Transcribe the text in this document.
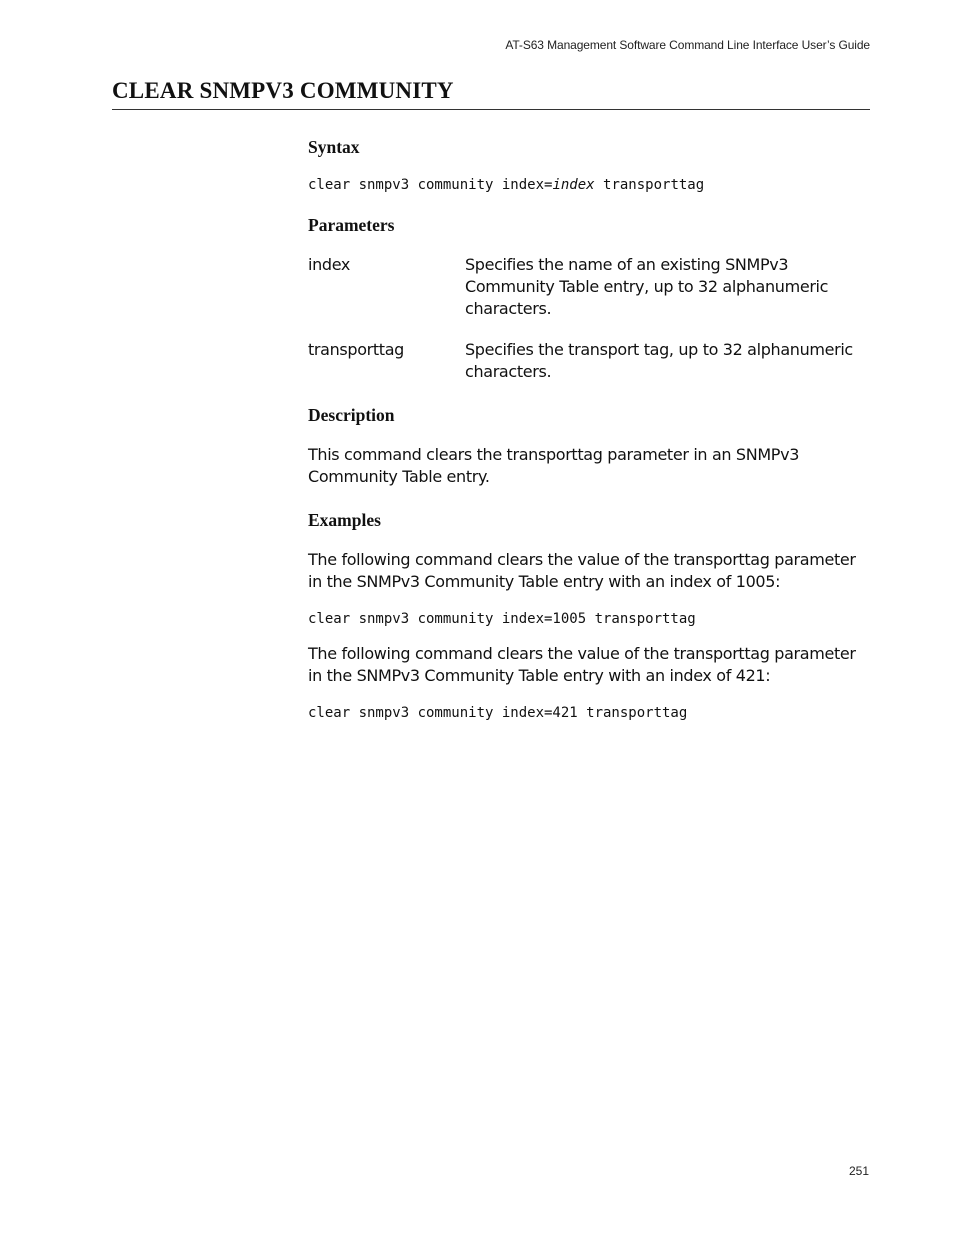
AT-S63 Management Software Command Line Interface User’s Guide
CLEAR SNMPV3 COMMUNITY
Syntax
clear snmpv3 community index=index transporttag
Parameters
index	Specifies the name of an existing SNMPv3 Community Table entry, up to 32 alphanumeric characters.
transporttag	Specifies the transport tag, up to 32 alphanumeric characters.
Description

This command clears the transporttag parameter in an SNMPv3 Community Table entry.

Examples

The following command clears the value of the transporttag parameter in the SNMPv3 Community Table entry with an index of 1005:

clear snmpv3 community index=1005 transporttag

The following command clears the value of the transporttag parameter in the SNMPv3 Community Table entry with an index of 421:

clear snmpv3 community index=421 transporttag
251
